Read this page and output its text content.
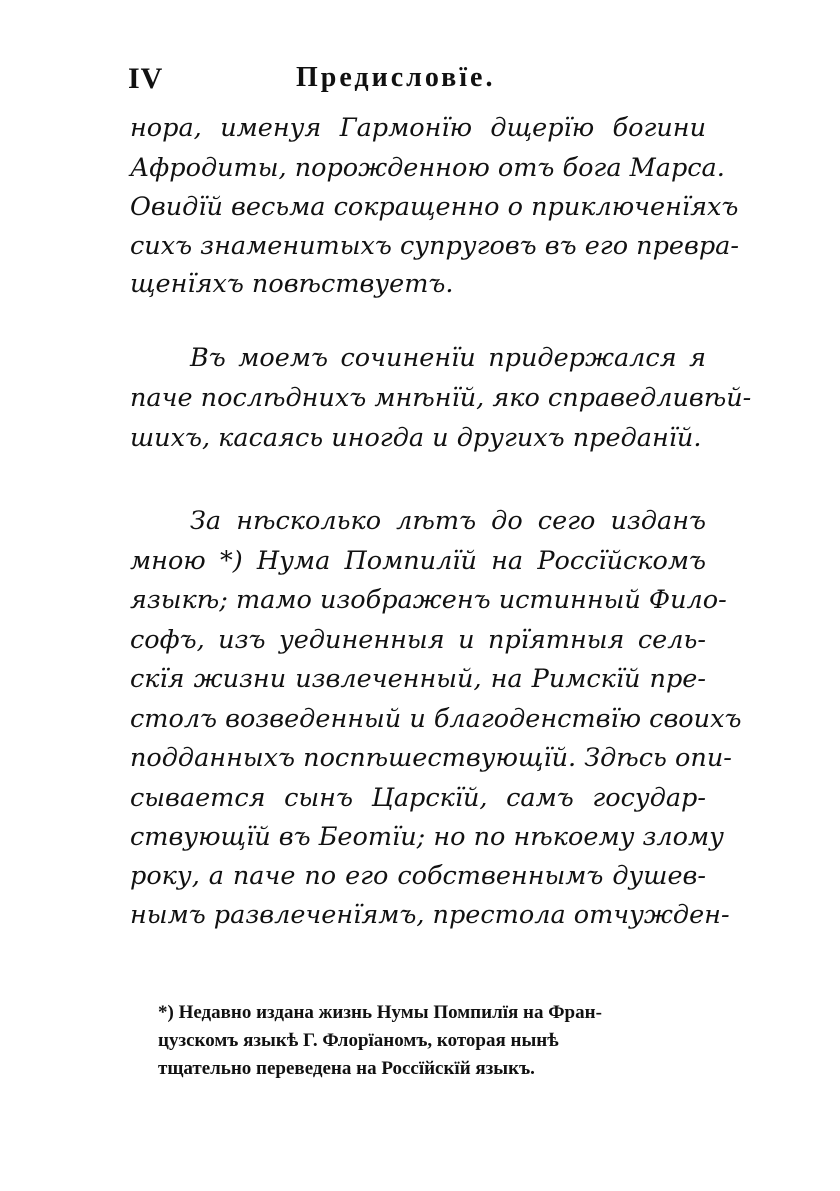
IV	Предисловїе.
нора, именуя Гармонїю дщерїю богини
Афродиты, порожденною отъ бога Марса.
Овидїй весьма сокращенно о приключенїяхъ
сихъ знаменитыхъ супруговъ въ его превра-
щенїяхъ повѣствуетъ.
Въ моемъ сочиненїи придержался я
паче послѣднихъ мнѣнїй, яко справедливѣй-
шихъ, касаясь иногда и другихъ преданїй.
За нѣсколько лѣтъ до сего изданъ
мною *) Нума Помпилїй на Россїйскомъ
языкѣ; тамо изображенъ истинный Фило-
софъ, изъ уединенныя и прїятныя сель-
скїя жизни извлеченный, на Римскїй пре-
столъ возведенный и благоденствїю своихъ
подданныхъ поспѣшествующїй. Здѣсь опи-
сывается сынъ Царскїй, самъ государ-
ствующїй въ Беотїи; но по нѣкоему злому
року, а паче по его собственнымъ душев-
нымъ развлеченїямъ, престола отчужден-
*) Недавно издана жизнь Нумы Помпилїя на Фран-
цузскомъ языкѣ Г. Флорїаномъ, которая нынѣ
тщательно переведена на Россїйскїй языкъ.
